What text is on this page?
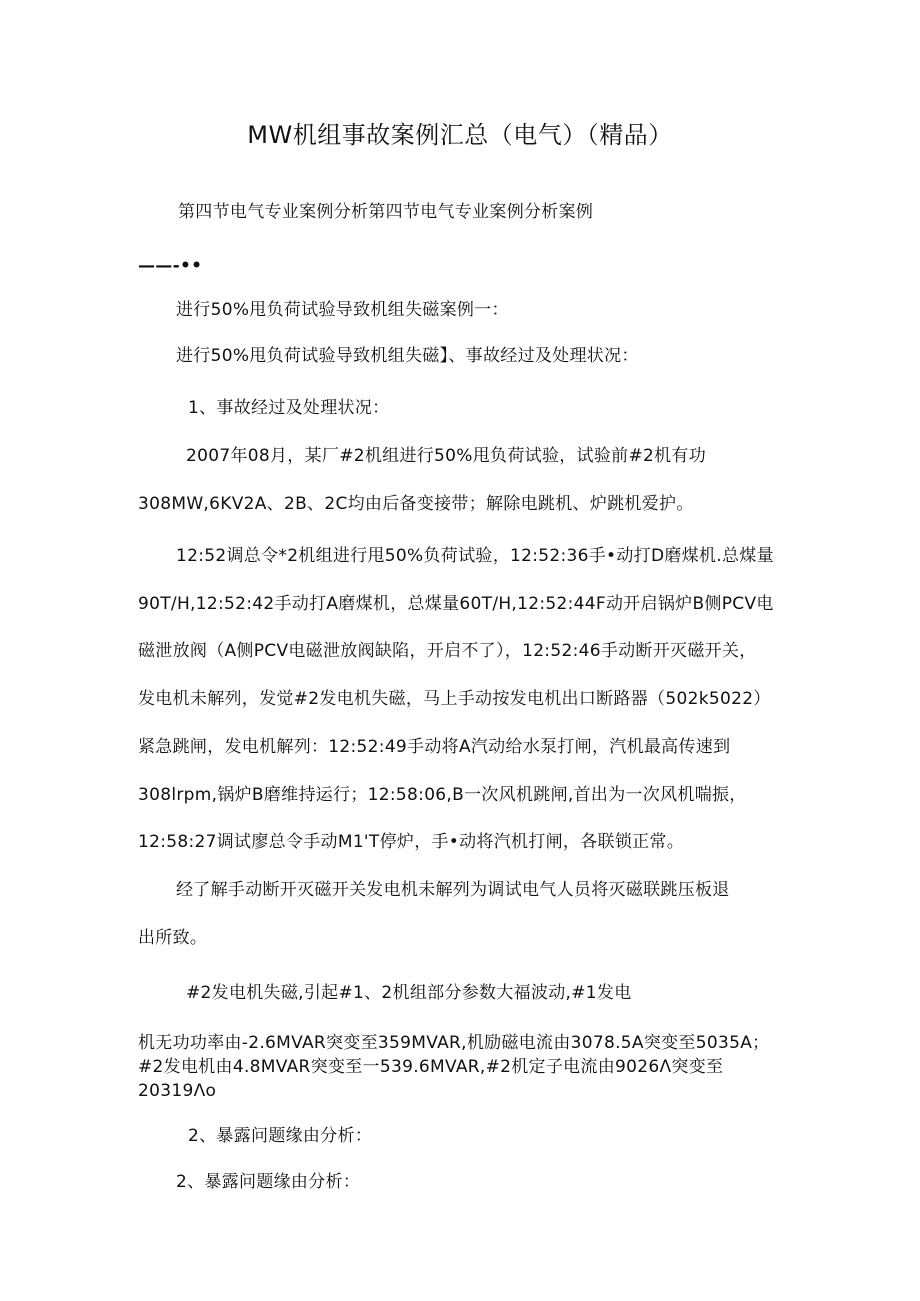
MW机组事故案例汇总（电气）（精品）

第四节电气专业案例分析第四节电气专业案例分析案例

——-••

进行50%甩负荷试验导致机组失磁案例一：

进行50%甩负荷试验导致机组失磁】、事故经过及处理状况：

1、事故经过及处理状况：

2007年08月，某厂#2机组进行50%甩负荷试验，试验前#2机有功

308MW,6KV2A、2B、2C均由后备变接带；解除电跳机、炉跳机爱护。

12:52调总令*2机组进行甩50%负荷试验，12:52:36手•动打D磨煤机.总煤量

90T/H,12:52:42手动打A磨煤机，总煤量60T/H,12:52:44F动开启锅炉B侧PCV电

磁泄放阀（A侧PCV电磁泄放阀缺陷，开启不了），12:52:46手动断开灭磁开关，

发电机未解列，发觉#2发电机失磁，马上手动按发电机出口断路器（502k5022）

紧急跳闸，发电机解列：12:52:49手动将A汽动给水泵打闸，汽机最高传速到

308lrpm,锅炉B磨维持运行；12:58:06,B一次风机跳闸,首出为一次风机喘振，

12:58:27调试廖总令手动M1'T停炉，手•动将汽机打闸，各联锁正常。

经了解手动断开灭磁开关发电机未解列为调试电气人员将灭磁联跳压板退

出所致。

#2发电机失磁,引起#1、2机组部分参数大福波动,#1发电

机无功功率由-2.6MVAR突变至359MVAR,机励磁电流由3078.5A突变至5035A；

#2发电机由4.8MVAR突变至一539.6MVAR,#2机定子电流由9026Λ突变至

20319Λo

2、暴露问题缘由分析：

2、暴露问题缘由分析：
